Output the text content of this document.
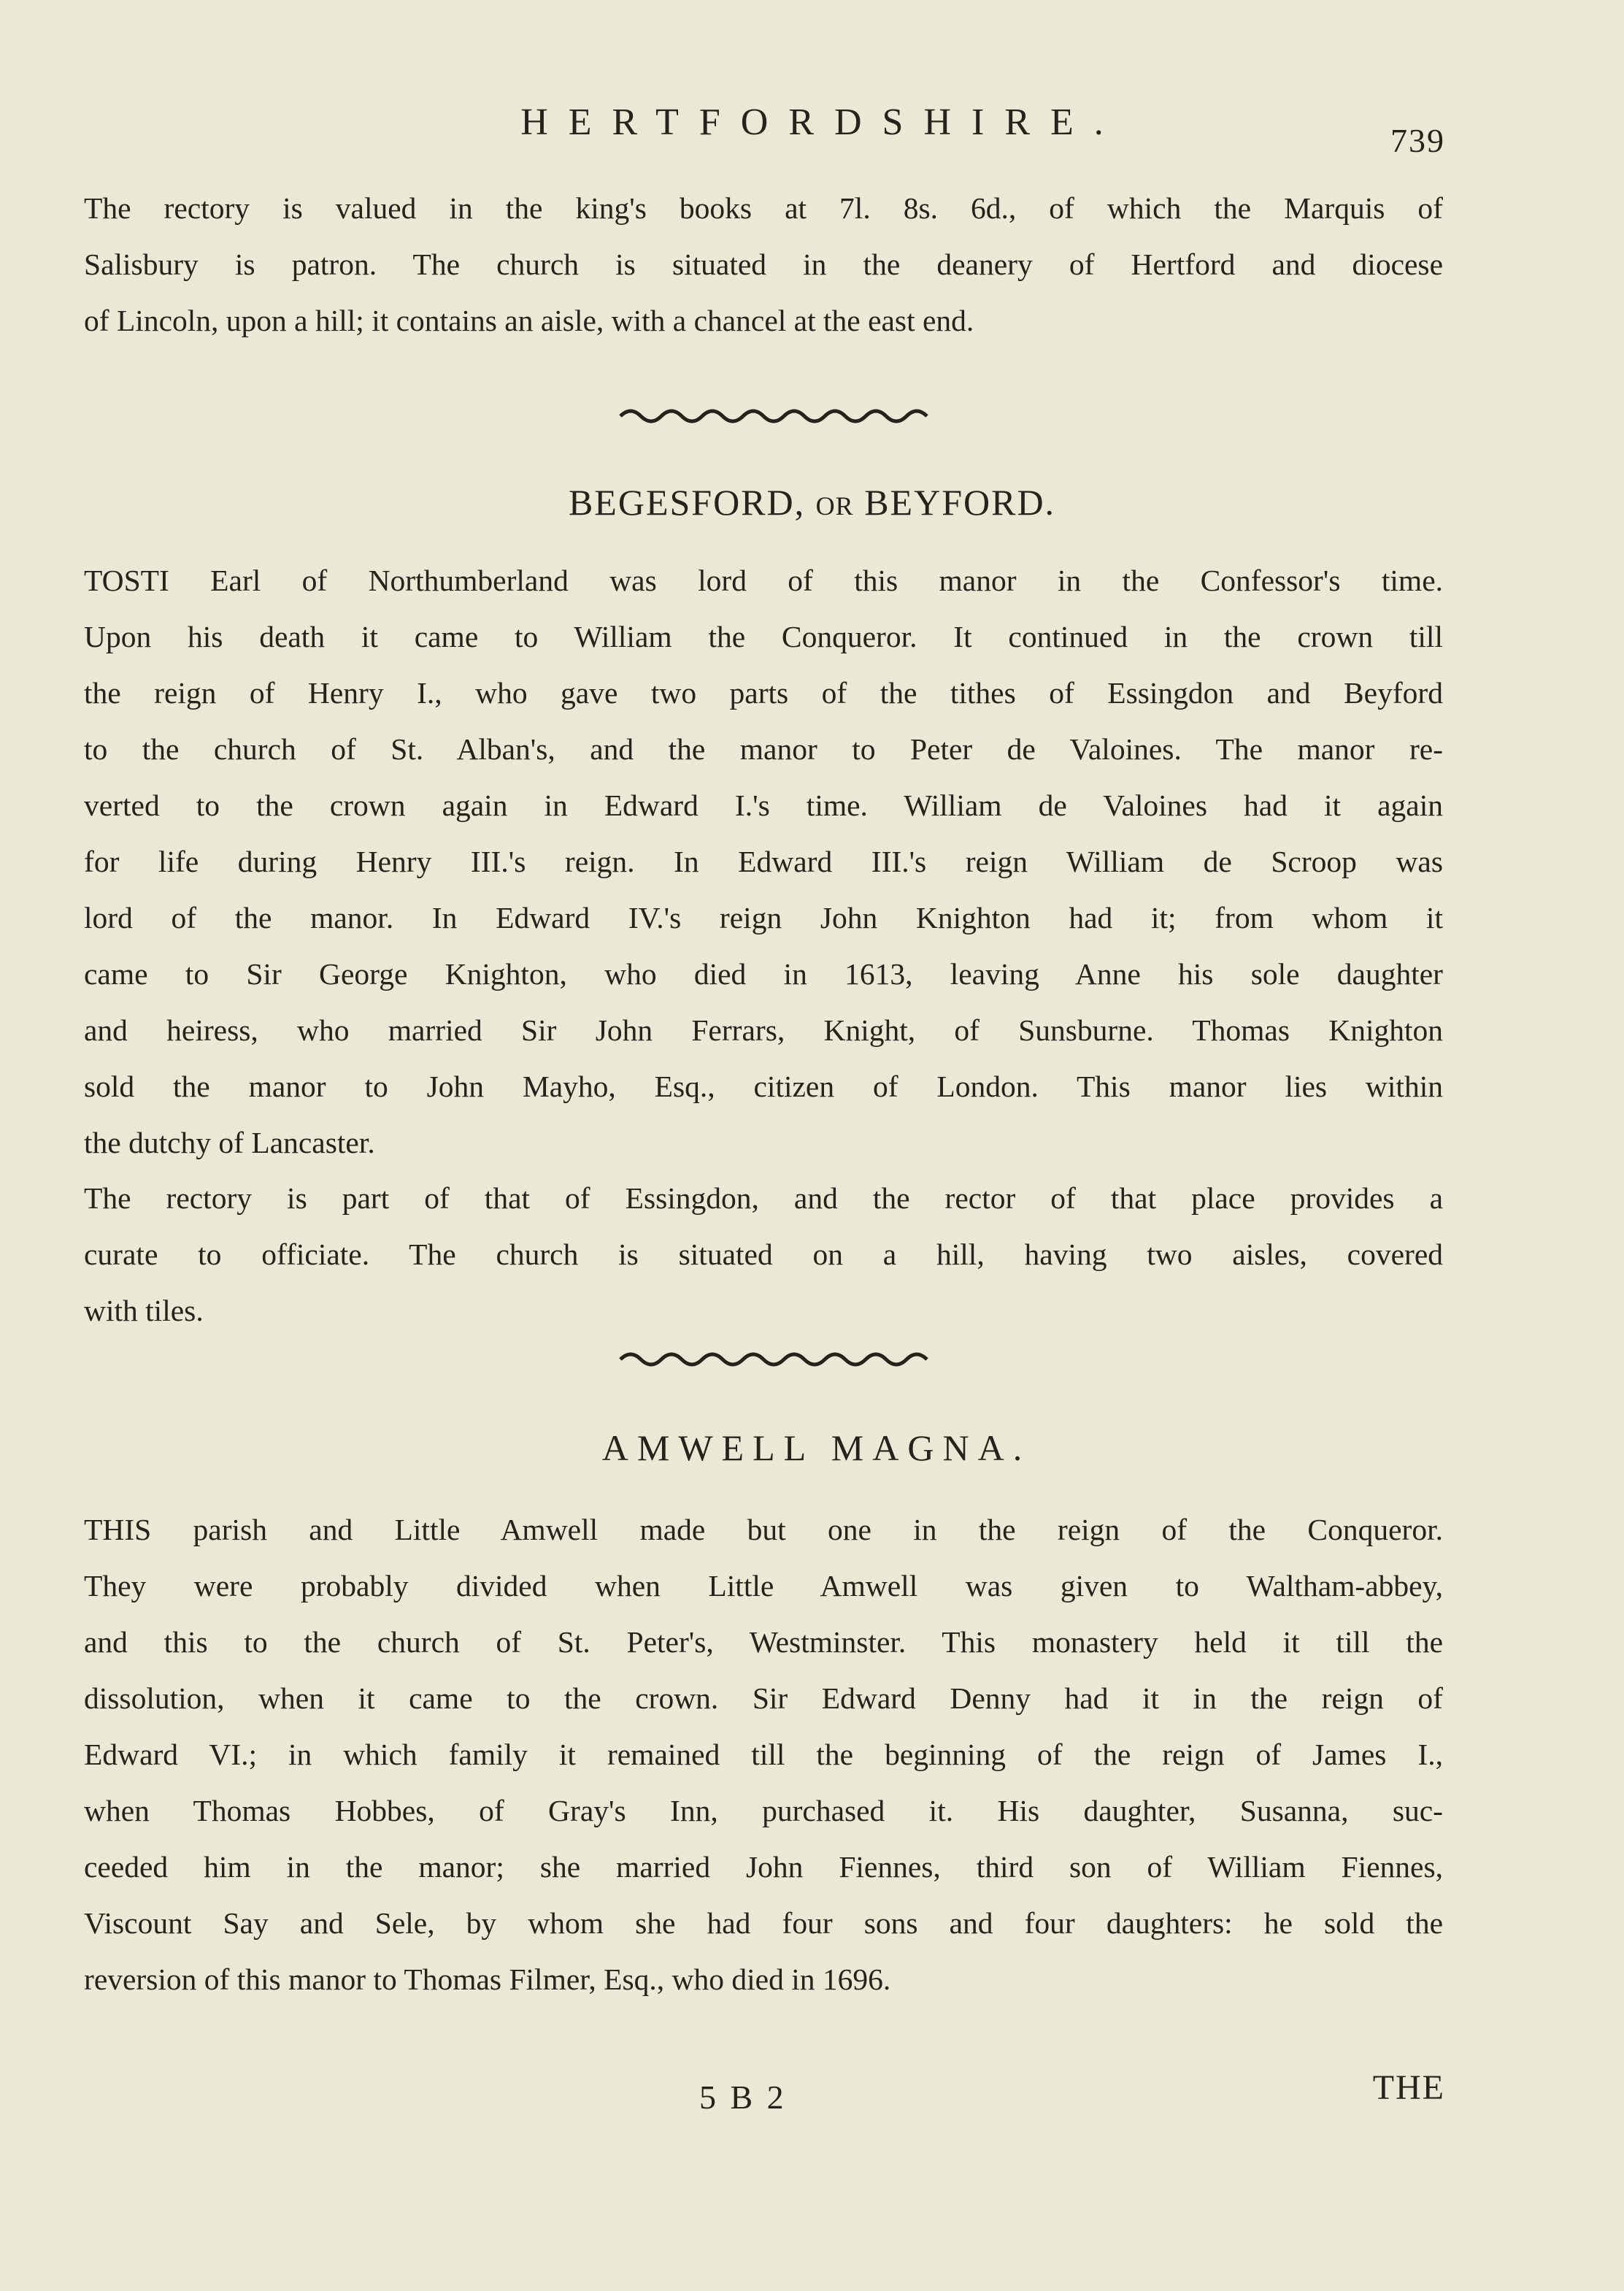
HERTFORDSHIRE.	739
The rectory is valued in the king's books at 7l. 8s. 6d., of which the Marquis of
Salisbury is patron. The church is situated in the deanery of Hertford and diocese
of Lincoln, upon a hill; it contains an aisle, with a chancel at the east end.
BEGESFORD, OR BEYFORD.
TOSTI Earl of Northumberland was lord of this manor in the Confessor's time.
Upon his death it came to William the Conqueror. It continued in the crown till
the reign of Henry I., who gave two parts of the tithes of Essingdon and Beyford
to the church of St. Alban's, and the manor to Peter de Valoines. The manor re-
verted to the crown again in Edward I.'s time. William de Valoines had it again
for life during Henry III.'s reign. In Edward III.'s reign William de Scroop was
lord of the manor. In Edward IV.'s reign John Knighton had it; from whom it
came to Sir George Knighton, who died in 1613, leaving Anne his sole daughter
and heiress, who married Sir John Ferrars, Knight, of Sunsburne. Thomas Knighton
sold the manor to John Mayho, Esq., citizen of London. This manor lies within
the dutchy of Lancaster.
The rectory is part of that of Essingdon, and the rector of that place provides a
curate to officiate. The church is situated on a hill, having two aisles, covered
with tiles.
AMWELL MAGNA.
THIS parish and Little Amwell made but one in the reign of the Conqueror.
They were probably divided when Little Amwell was given to Waltham-abbey,
and this to the church of St. Peter's, Westminster. This monastery held it till the
dissolution, when it came to the crown. Sir Edward Denny had it in the reign of
Edward VI.; in which family it remained till the beginning of the reign of James I.,
when Thomas Hobbes, of Gray's Inn, purchased it. His daughter, Susanna, suc-
ceeded him in the manor; she married John Fiennes, third son of William Fiennes,
Viscount Say and Sele, by whom she had four sons and four daughters: he sold the
reversion of this manor to Thomas Filmer, Esq., who died in 1696.
5 B 2	THE
